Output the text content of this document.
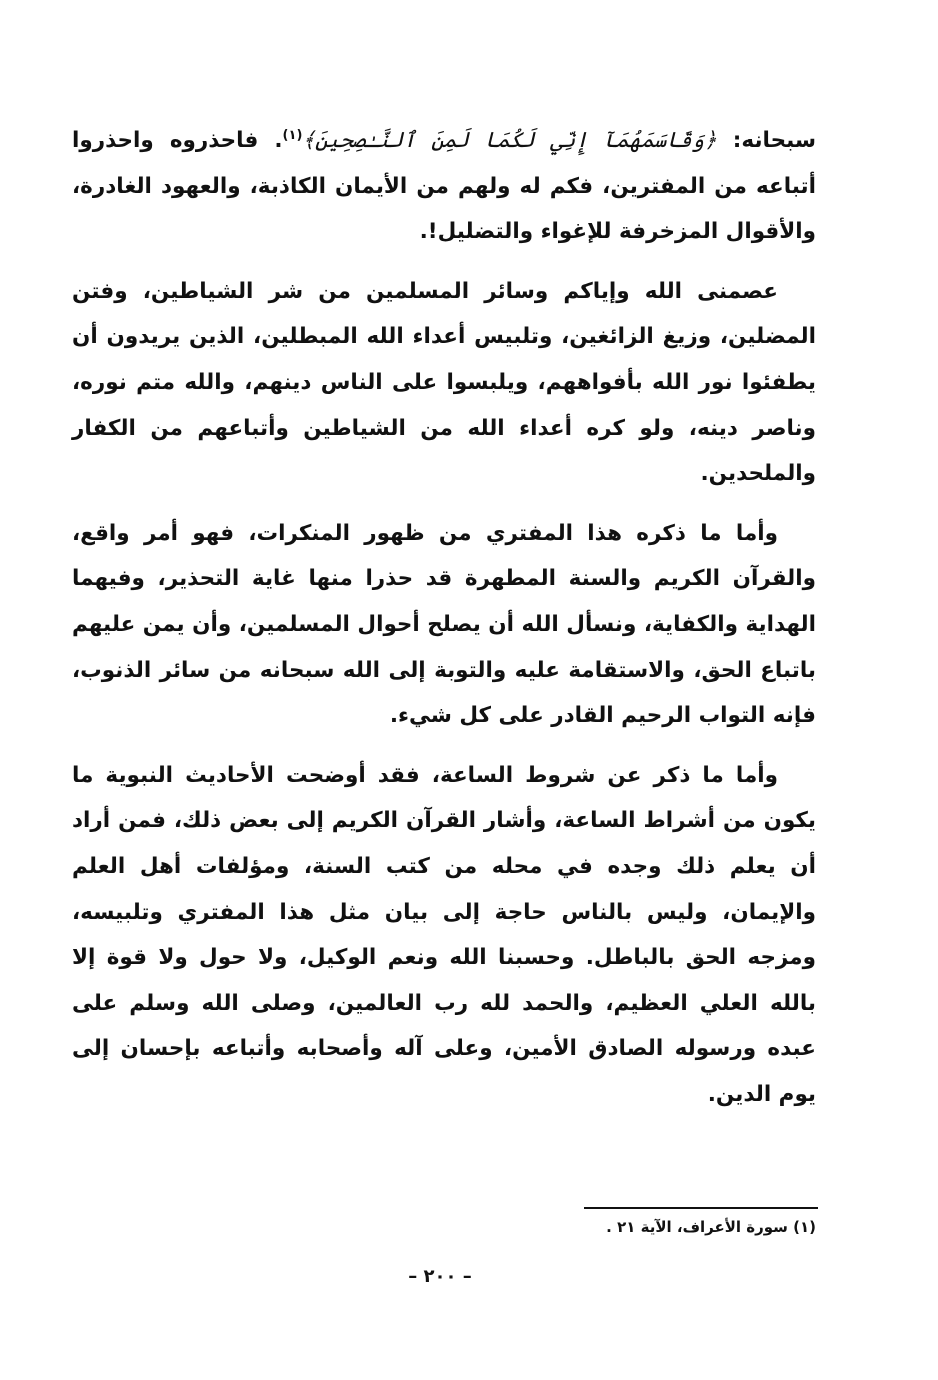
سبحانه: ﴿وَقَاسَمَهُمَآ إِنِّي لَكُمَا لَمِنَ ٱلنَّـٰصِحِينَ﴾$^{(١)}$. فاحذروه واحذروا أتباعه من المفترين، فكم له ولهم من الأيمان الكاذبة، والعهود الغادرة، والأقوال المزخرفة للإغواء والتضليل!.

عصمنى الله وإياكم وسائر المسلمين من شر الشياطين، وفتن المضلين، وزيغ الزائغين، وتلبيس أعداء الله المبطلين، الذين يريدون أن يطفئوا نور الله بأفواههم، ويلبسوا على الناس دينهم، والله متم نوره، وناصر دينه، ولو كره أعداء الله من الشياطين وأتباعهم من الكفار والملحدين.

وأما ما ذكره هذا المفتري من ظهور المنكرات، فهو أمر واقع، والقرآن الكريم والسنة المطهرة قد حذرا منها غاية التحذير، وفيهما الهداية والكفاية، ونسأل الله أن يصلح أحوال المسلمين، وأن يمن عليهم باتباع الحق، والاستقامة عليه والتوبة إلى الله سبحانه من سائر الذنوب، فإنه التواب الرحيم القادر على كل شيء.

وأما ما ذكر عن شروط الساعة، فقد أوضحت الأحاديث النبوية ما يكون من أشراط الساعة، وأشار القرآن الكريم إلى بعض ذلك، فمن أراد أن يعلم ذلك وجده في محله من كتب السنة، ومؤلفات أهل العلم والإيمان، وليس بالناس حاجة إلى بيان مثل هذا المفتري وتلبيسه، ومزجه الحق بالباطل. وحسبنا الله ونعم الوكيل، ولا حول ولا قوة إلا بالله العلي العظيم، والحمد لله رب العالمين، وصلى الله وسلم على عبده ورسوله الصادق الأمين، وعلى آله وأصحابه وأتباعه بإحسان إلى يوم الدين.

(١) سورة الأعراف، الآية ٢١ .
– ٢٠٠ –
